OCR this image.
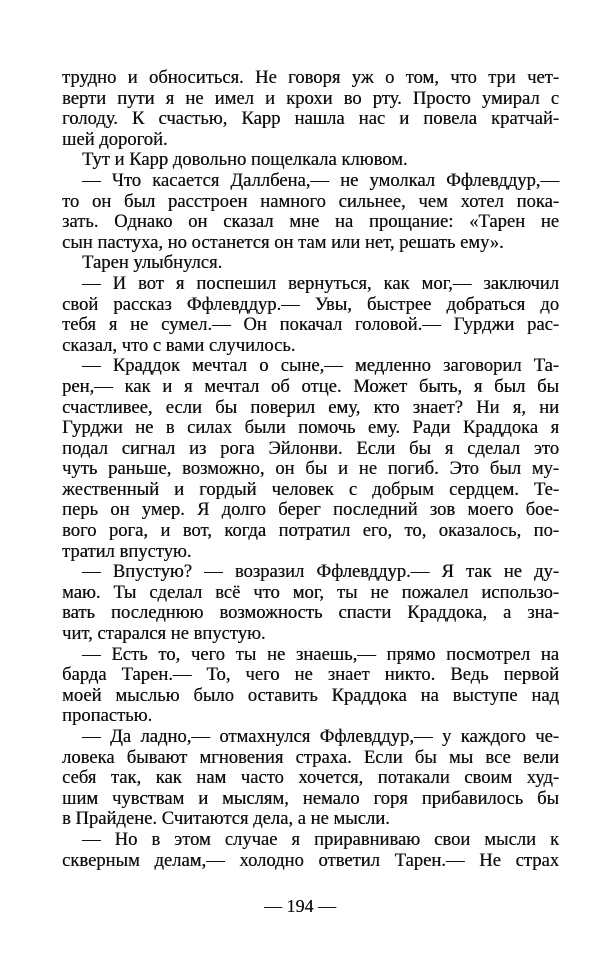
трудно и обноситься. Не говоря уж о том, что три чет-
верти пути я не имел и крохи во рту. Просто умирал с
голоду. К счастью, Карр нашла нас и повела кратчай-
шей дорогой.
Тут и Карр довольно пощелкала клювом.
— Что касается Даллбена,— не умолкал Ффлевддур,—
то он был расстроен намного сильнее, чем хотел пока-
зать. Однако он сказал мне на прощание: «Тарен не
сын пастуха, но останется он там или нет, решать ему».
Тарен улыбнулся.
— И вот я поспешил вернуться, как мог,— заключил
свой рассказ Ффлевддур.— Увы, быстрее добраться до
тебя я не сумел.— Он покачал головой.— Гурджи рас-
сказал, что с вами случилось.
— Краддок мечтал о сыне,— медленно заговорил Та-
рен,— как и я мечтал об отце. Может быть, я был бы
счастливее, если бы поверил ему, кто знает? Ни я, ни
Гурджи не в силах были помочь ему. Ради Краддока я
подал сигнал из рога Эйлонви. Если бы я сделал это
чуть раньше, возможно, он бы и не погиб. Это был му-
жественный и гордый человек с добрым сердцем. Те-
перь он умер. Я долго берег последний зов моего бое-
вого рога, и вот, когда потратил его, то, оказалось, по-
тратил впустую.
— Впустую? — возразил Ффлевддур.— Я так не ду-
маю. Ты сделал всё что мог, ты не пожалел использо-
вать последнюю возможность спасти Краддока, а зна-
чит, старался не впустую.
— Есть то, чего ты не знаешь,— прямо посмотрел на
барда Тарен.— То, чего не знает никто. Ведь первой
моей мыслью было оставить Краддока на выступе над
пропастью.
— Да ладно,— отмахнулся Ффлевддур,— у каждого че-
ловека бывают мгновения страха. Если бы мы все вели
себя так, как нам часто хочется, потакали своим худ-
шим чувствам и мыслям, немало горя прибавилось бы
в Прайдене. Считаются дела, а не мысли.
— Но в этом случае я приравниваю свои мысли к
скверным делам,— холодно ответил Тарен.— Не страх
— 194 —
